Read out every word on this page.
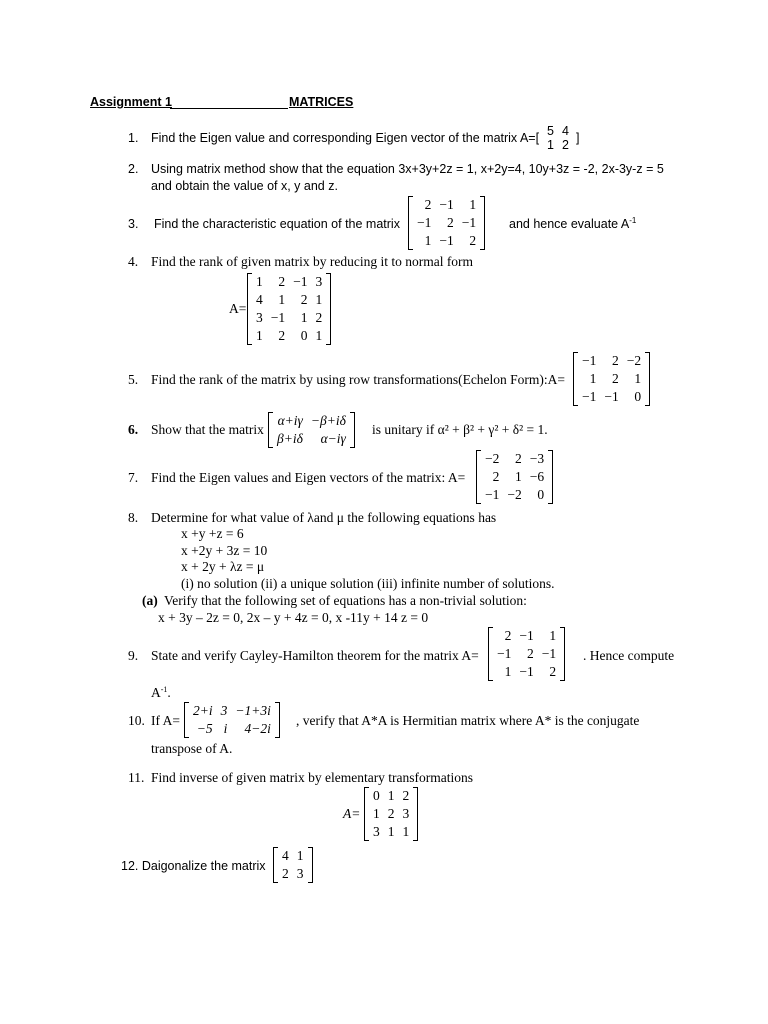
Assignment 1	MATRICES
1. Find the Eigen value and corresponding Eigen vector of the matrix A=[ 5	4
1	2 ]
2. Using matrix method show that the equation 3x+3y+2z = 1, x+2y=4, 10y+3z = -2, 2x-3y-z = 5
and obtain the value of x, y and z.
3. Find the characteristic equation of the matrix
2	−1	1
−1	2	−1
1	−1	2
and hence evaluate $A^{-1}$
4. Find the rank of given matrix by reducing it to normal form
A=
1	2	−1	3
4	1	2	1
3	−1	1	2
1	2	0	1
5. Find the rank of the matrix by using row transformations(Echelon Form):A=
−1	2	−2
1	2	1
−1	−1	0
6. Show that the matrix
α+iγ	−β+iδ
β+iδ	α−iγ
is unitary if α² + β² + γ² + δ² = 1.
7. Find the Eigen values and Eigen vectors of the matrix: A=
−2	2	−3
2	1	−6
−1	−2	0
8. Determine for what value of λand μ the following equations has
x +y +z = 6
x +2y + 3z = 10
x + 2y + λz = μ
(i) no solution (ii) a unique solution (iii) infinite number of solutions.
(a) Verify that the following set of equations has a non-trivial solution:
x + 3y – 2z = 0, 2x – y + 4z = 0, x -11y + 14 z = 0
9. State and verify Cayley-Hamilton theorem for the matrix A=
2	−1	1
−1	2	−1
1	−1	2
. Hence compute
$A^{-1}$.
10. If A=
2+i	3	−1+3i
−5	i	4−2i
, verify that A*A is Hermitian matrix where A* is the conjugate
transpose of A.
11. Find inverse of given matrix by elementary transformations
A=
0	1	2
1	2	3
3	1	1
12. Daigonalize the matrix
4	1
2	3
